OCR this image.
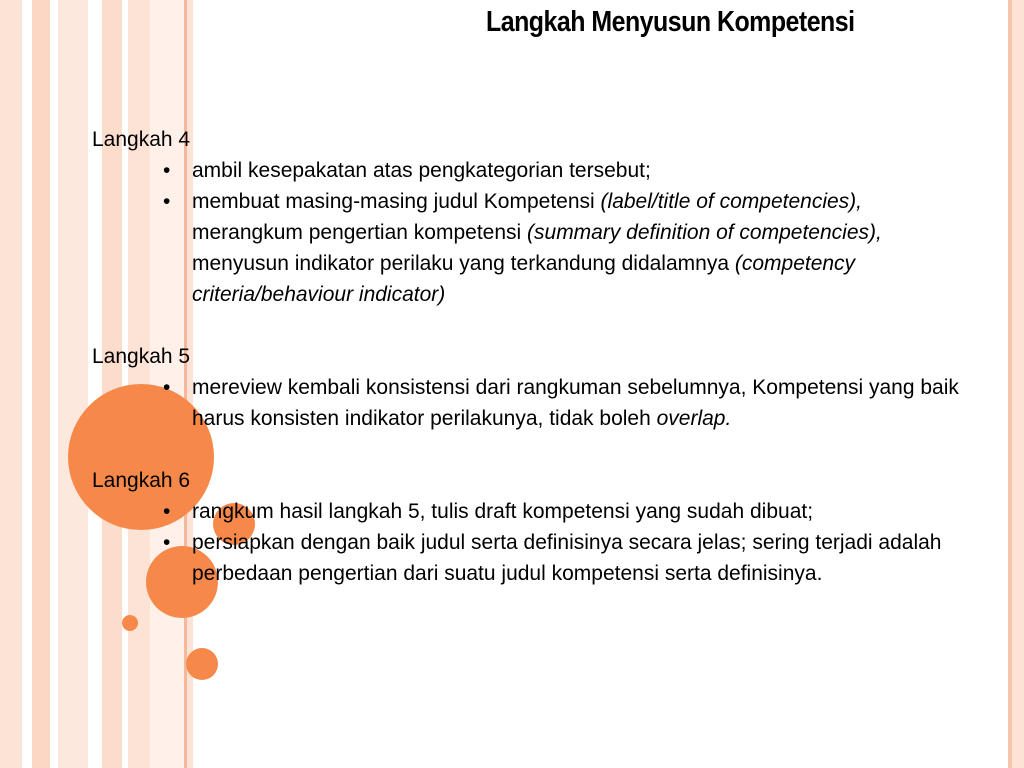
Langkah Menyusun Kompetensi

Langkah 4

• ambil kesepakatan atas pengkategorian tersebut;
• membuat masing-masing judul Kompetensi (label/title of competencies), merangkum pengertian kompetensi (summary definition of competencies), menyusun indikator perilaku yang terkandung didalamnya (competency criteria/behaviour indicator)

Langkah 5

• mereview kembali konsistensi dari rangkuman sebelumnya, Kompetensi yang baik harus konsisten indikator perilakunya, tidak boleh overlap.

Langkah 6

• rangkum hasil langkah 5, tulis draft kompetensi yang sudah dibuat;
• persiapkan dengan baik judul serta definisinya secara jelas; sering terjadi adalah perbedaan pengertian dari suatu judul kompetensi serta definisinya.
